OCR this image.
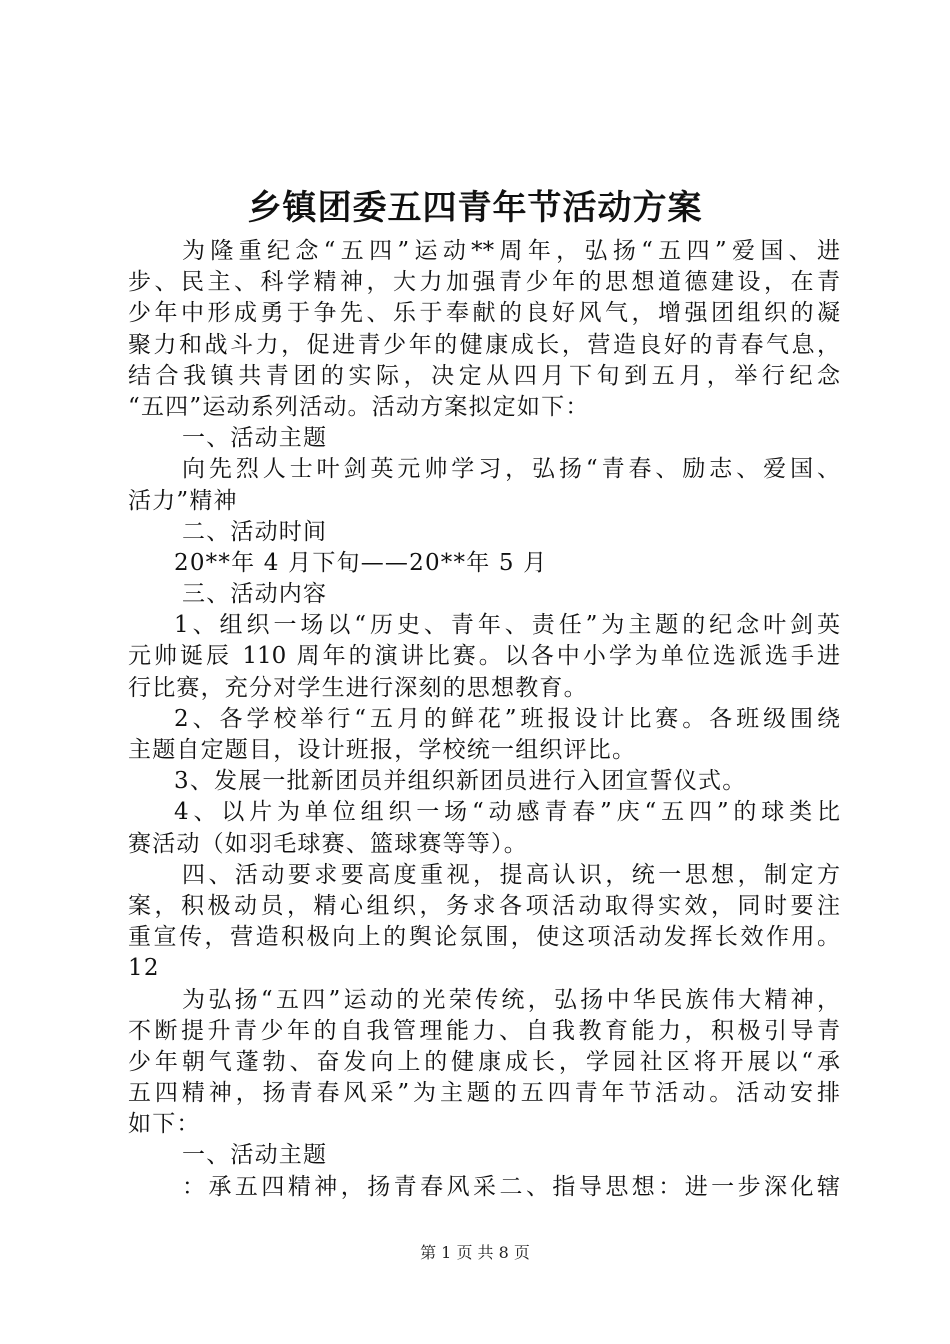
乡镇团委五四青年节活动方案
为隆重纪念“五四”运动**周年，弘扬“五四”爱国、进
步、民主、科学精神，大力加强青少年的思想道德建设，在青
少年中形成勇于争先、乐于奉献的良好风气，增强团组织的凝
聚力和战斗力，促进青少年的健康成长，营造良好的青春气息，
结合我镇共青团的实际，决定从四月下旬到五月，举行纪念
“五四”运动系列活动。活动方案拟定如下：
一、活动主题
向先烈人士叶剑英元帅学习，弘扬“青春、励志、爱国、
活力”精神
二、活动时间
20**年 4 月下旬——20**年 5 月
三、活动内容
1、组织一场以“历史、青年、责任”为主题的纪念叶剑英
元帅诞辰 110 周年的演讲比赛。以各中小学为单位选派选手进
行比赛，充分对学生进行深刻的思想教育。
2、各学校举行“五月的鲜花”班报设计比赛。各班级围绕
主题自定题目，设计班报，学校统一组织评比。
3、发展一批新团员并组织新团员进行入团宣誓仪式。
4、以片为单位组织一场“动感青春”庆“五四”的球类比
赛活动（如羽毛球赛、篮球赛等等）。
四、活动要求要高度重视，提高认识，统一思想，制定方
案，积极动员，精心组织，务求各项活动取得实效，同时要注
重宣传，营造积极向上的舆论氛围，使这项活动发挥长效作用。
12
为弘扬“五四”运动的光荣传统，弘扬中华民族伟大精神，
不断提升青少年的自我管理能力、自我教育能力，积极引导青
少年朝气蓬勃、奋发向上的健康成长，学园社区将开展以“承
五四精神，扬青春风采”为主题的五四青年节活动。活动安排
如下：
一、活动主题
：承五四精神，扬青春风采二、指导思想：进一步深化辖
第 1 页 共 8 页
